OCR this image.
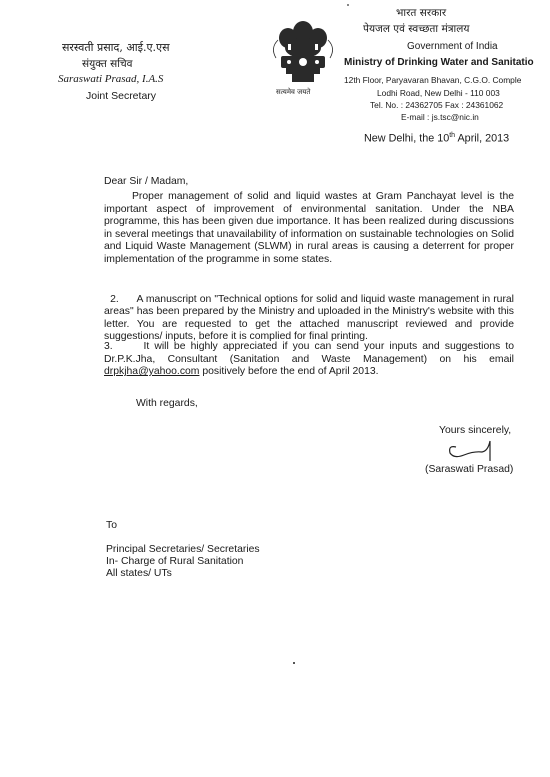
सरस्वती प्रसाद, आई.ए.एस
संयुक्त सचिव
Saraswati Prasad, I.A.S
Joint Secretary	सत्यमेव जयते
भारत सरकार
पेयजल एवं स्वच्छता मंत्रालय
Government of India
Ministry of Drinking Water and Sanitatio
12th Floor, Paryavaran Bhavan, C.G.O. Comple
Lodhi Road, New Delhi - 110 003
Tel. No. : 24362705 Fax : 24361062
E-mail : js.tsc@nic.in
New Delhi, the 10th April, 2013
Dear Sir / Madam,
Proper management of solid and liquid wastes at Gram Panchayat level is the important aspect of improvement of environmental sanitation. Under the NBA programme, this has been given due importance. It has been realized during discussions in several meetings that unavailability of information on sustainable technologies on Solid and Liquid Waste Management (SLWM) in rural areas is causing a deterrent for proper implementation of the programme in some states.

2.      A manuscript on "Technical options for solid and liquid waste management in rural areas" has been prepared by the Ministry and uploaded in the Ministry's website with this letter. You are requested to get the attached manuscript reviewed and provide suggestions/ inputs, before it is complied for final printing.

3.      It will be highly appreciated if you can send your inputs and suggestions to Dr.P.K.Jha, Consultant (Sanitation and Waste Management) on his email drpkjha@yahoo.com positively before the end of April 2013.
With regards,
Yours sincerely,
(Saraswati Prasad)
To
Principal Secretaries/ Secretaries
In- Charge of Rural Sanitation
All states/ UTs
